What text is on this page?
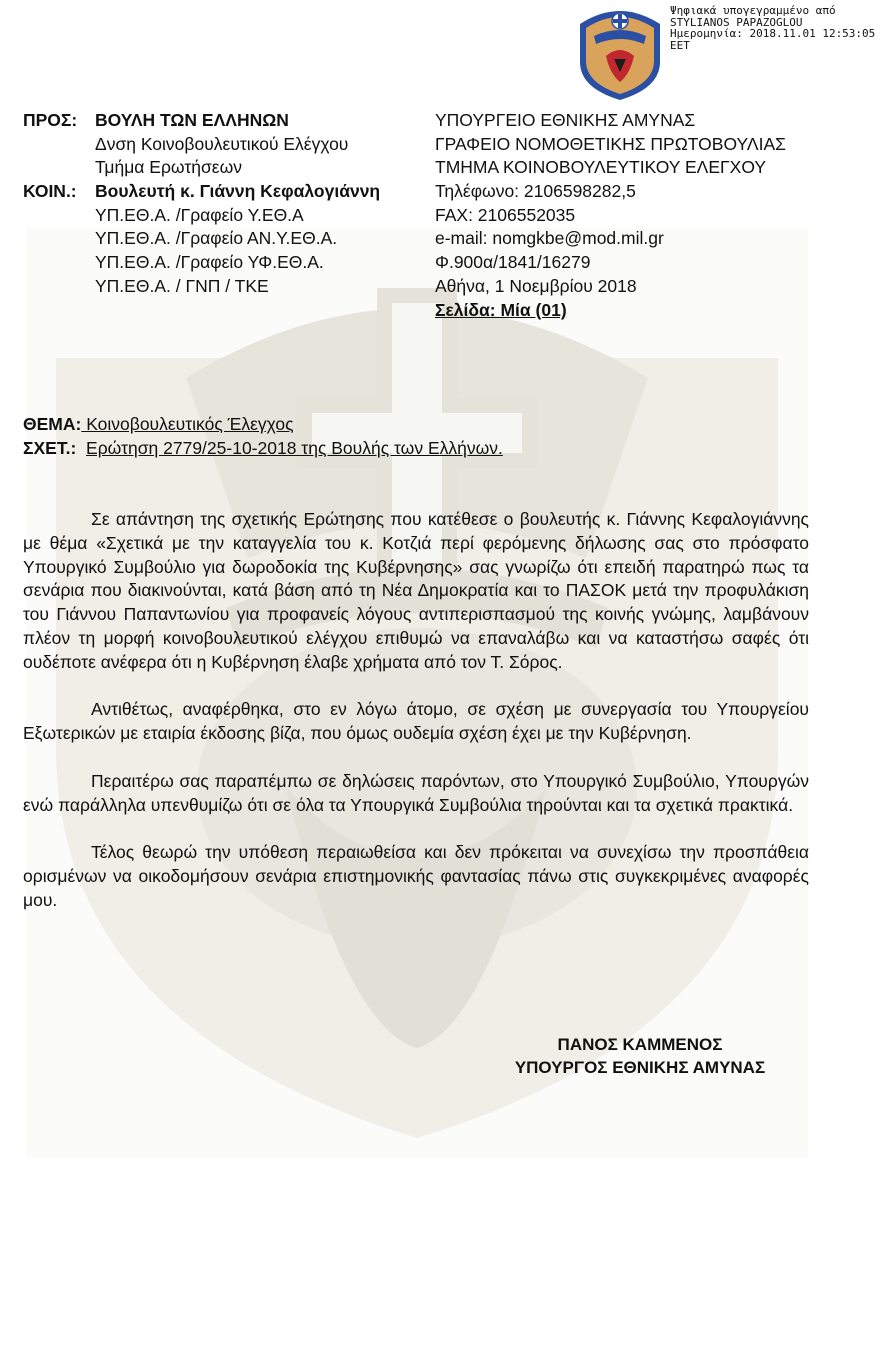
Ψηφιακά υπογεγραμμένο από
STYLIANOS PAPAZOGLOU
Ημερομηνία: 2018.11.01 12:53:05
EET
ΠΡΟΣ:
ΚΟΙΝ.:
ΒΟΥΛΗ ΤΩΝ ΕΛΛΗΝΩΝ
Δνση Κοινοβουλευτικού Ελέγχου
Τμήμα Ερωτήσεων
Βουλευτή κ. Γιάννη Κεφαλογιάννη
ΥΠ.ΕΘ.Α. /Γραφείο Υ.ΕΘ.Α
ΥΠ.ΕΘ.Α. /Γραφείο ΑΝ.Υ.ΕΘ.Α.
ΥΠ.ΕΘ.Α. /Γραφείο ΥΦ.ΕΘ.Α.
ΥΠ.ΕΘ.Α. / ΓΝΠ / ΤΚΕ
ΥΠΟΥΡΓΕΙΟ ΕΘΝΙΚΗΣ ΑΜΥΝΑΣ
ΓΡΑΦΕΙΟ ΝΟΜΟΘΕΤΙΚΗΣ ΠΡΩΤΟΒΟΥΛΙΑΣ
ΤΜΗΜΑ ΚΟΙΝΟΒΟΥΛΕΥΤΙΚΟΥ ΕΛΕΓΧΟΥ
Τηλέφωνο: 2106598282,5
FAX: 2106552035
e-mail: nomgkbe@mod.mil.gr
Φ.900α/1841/16279
Αθήνα, 1 Νοεμβρίου 2018
Σελίδα: Μία (01)
ΘΕΜΑ: Κοινοβουλευτικός Έλεγχος
ΣΧΕΤ.: Ερώτηση 2779/25-10-2018 της Βουλής των Ελλήνων.

Σε απάντηση της σχετικής Ερώτησης που κατέθεσε ο βουλευτής κ. Γιάννης Κεφαλογιάννης με θέμα «Σχετικά με την καταγγελία του κ. Κοτζιά περί φερόμενης δήλωσης σας στο πρόσφατο Υπουργικό Συμβούλιο για δωροδοκία της Κυβέρνησης» σας γνωρίζω ότι επειδή παρατηρώ πως τα σενάρια που διακινούνται, κατά βάση από τη Νέα Δημοκρατία και το ΠΑΣΟΚ μετά την προφυλάκιση του Γιάννου Παπαντωνίου για προφανείς λόγους αντιπερισπασμού της κοινής γνώμης, λαμβάνουν πλέον τη μορφή κοινοβουλευτικού ελέγχου επιθυμώ να επαναλάβω και να καταστήσω σαφές ότι ουδέποτε ανέφερα ότι η Κυβέρνηση έλαβε χρήματα από τον Τ. Σόρος.

Αντιθέτως, αναφέρθηκα, στο εν λόγω άτομο, σε σχέση με συνεργασία του Υπουργείου Εξωτερικών με εταιρία έκδοσης βίζα, που όμως ουδεμία σχέση έχει με την Κυβέρνηση.

Περαιτέρω σας παραπέμπω σε δηλώσεις παρόντων, στο Υπουργικό Συμβούλιο, Υπουργών ενώ παράλληλα υπενθυμίζω ότι σε όλα τα Υπουργικά Συμβούλια τηρούνται και τα σχετικά πρακτικά.

Τέλος θεωρώ την υπόθεση περαιωθείσα και δεν πρόκειται να συνεχίσω την προσπάθεια ορισμένων να οικοδομήσουν σενάρια επιστημονικής φαντασίας πάνω στις συγκεκριμένες αναφορές μου.

ΠΑΝΟΣ ΚΑΜΜΕΝΟΣ
ΥΠΟΥΡΓΟΣ ΕΘΝΙΚΗΣ ΑΜΥΝΑΣ
